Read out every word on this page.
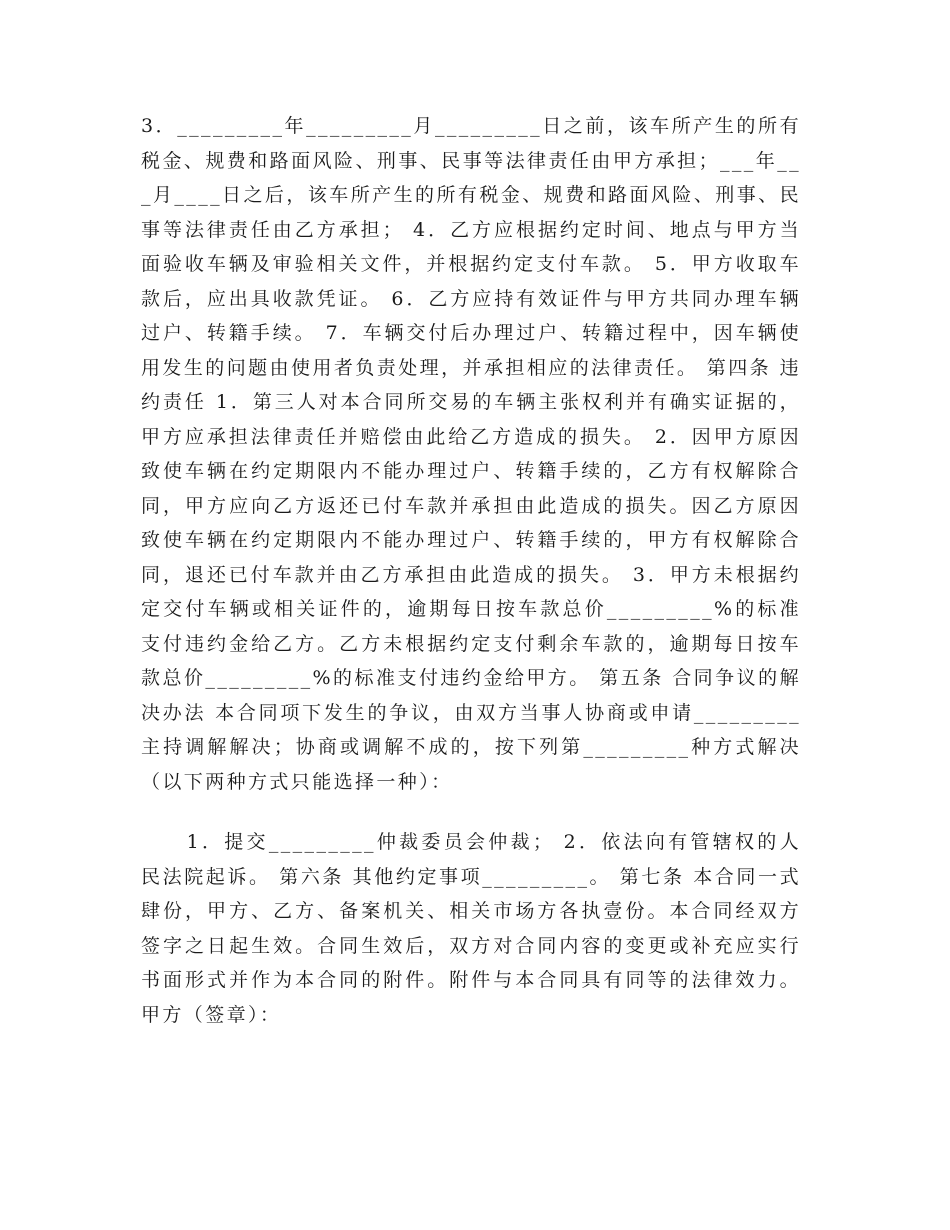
3．_________年_________月_________日之前，该车所产生的所有税金、规费和路面风险、刑事、民事等法律责任由甲方承担；___年___月____日之后，该车所产生的所有税金、规费和路面风险、刑事、民事等法律责任由乙方承担； 4．乙方应根据约定时间、地点与甲方当面验收车辆及审验相关文件，并根据约定支付车款。 5．甲方收取车款后，应出具收款凭证。 6．乙方应持有效证件与甲方共同办理车辆过户、转籍手续。 7．车辆交付后办理过户、转籍过程中，因车辆使用发生的问题由使用者负责处理，并承担相应的法律责任。 第四条 违约责任 1．第三人对本合同所交易的车辆主张权利并有确实证据的，甲方应承担法律责任并赔偿由此给乙方造成的损失。 2．因甲方原因致使车辆在约定期限内不能办理过户、转籍手续的，乙方有权解除合同，甲方应向乙方返还已付车款并承担由此造成的损失。因乙方原因致使车辆在约定期限内不能办理过户、转籍手续的，甲方有权解除合同，退还已付车款并由乙方承担由此造成的损失。 3．甲方未根据约定交付车辆或相关证件的，逾期每日按车款总价_________%的标准支付违约金给乙方。乙方未根据约定支付剩余车款的，逾期每日按车款总价_________%的标准支付违约金给甲方。 第五条 合同争议的解决办法 本合同项下发生的争议，由双方当事人协商或申请_________主持调解解决；协商或调解不成的，按下列第_________种方式解决（以下两种方式只能选择一种）：

1．提交_________仲裁委员会仲裁； 2．依法向有管辖权的人民法院起诉。 第六条 其他约定事项_________。 第七条 本合同一式肆份，甲方、乙方、备案机关、相关市场方各执壹份。本合同经双方签字之日起生效。合同生效后，双方对合同内容的变更或补充应实行书面形式并作为本合同的附件。附件与本合同具有同等的法律效力。甲方（签章）：
